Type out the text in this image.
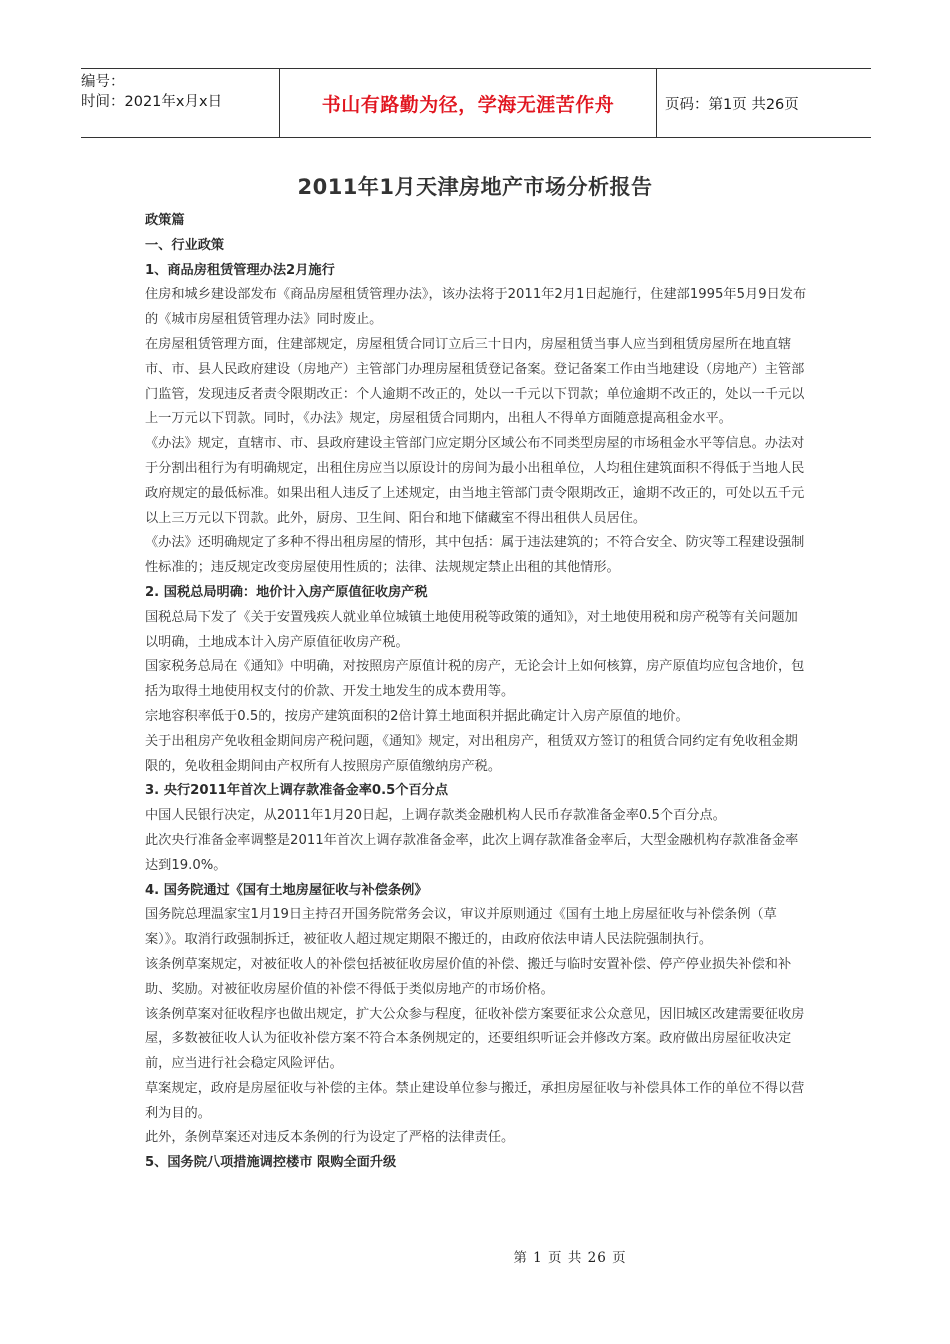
编号：
时间：2021年x月x日	书山有路勤为径，学海无涯苦作舟	页码：第1页 共26页
2011年1月天津房地产市场分析报告
政策篇
一、行业政策
1、商品房租赁管理办法2月施行
住房和城乡建设部发布《商品房屋租赁管理办法》，该办法将于2011年2月1日起施行，住建部1995年5月9日发布的《城市房屋租赁管理办法》同时废止。
在房屋租赁管理方面，住建部规定，房屋租赁合同订立后三十日内，房屋租赁当事人应当到租赁房屋所在地直辖市、市、县人民政府建设（房地产）主管部门办理房屋租赁登记备案。登记备案工作由当地建设（房地产）主管部门监管，发现违反者责令限期改正：个人逾期不改正的，处以一千元以下罚款；单位逾期不改正的，处以一千元以上一万元以下罚款。同时，《办法》规定，房屋租赁合同期内，出租人不得单方面随意提高租金水平。
《办法》规定，直辖市、市、县政府建设主管部门应定期分区域公布不同类型房屋的市场租金水平等信息。办法对于分割出租行为有明确规定，出租住房应当以原设计的房间为最小出租单位，人均租住建筑面积不得低于当地人民政府规定的最低标准。如果出租人违反了上述规定，由当地主管部门责令限期改正，逾期不改正的，可处以五千元以上三万元以下罚款。此外，厨房、卫生间、阳台和地下储藏室不得出租供人员居住。
《办法》还明确规定了多种不得出租房屋的情形，其中包括：属于违法建筑的；不符合安全、防灾等工程建设强制性标准的；违反规定改变房屋使用性质的；法律、法规规定禁止出租的其他情形。
2. 国税总局明确：地价计入房产原值征收房产税
国税总局下发了《关于安置残疾人就业单位城镇土地使用税等政策的通知》，对土地使用税和房产税等有关问题加以明确，土地成本计入房产原值征收房产税。
国家税务总局在《通知》中明确，对按照房产原值计税的房产，无论会计上如何核算，房产原值均应包含地价，包括为取得土地使用权支付的价款、开发土地发生的成本费用等。
宗地容积率低于0.5的，按房产建筑面积的2倍计算土地面积并据此确定计入房产原值的地价。
关于出租房产免收租金期间房产税问题，《通知》规定，对出租房产，租赁双方签订的租赁合同约定有免收租金期限的，免收租金期间由产权所有人按照房产原值缴纳房产税。
3. 央行2011年首次上调存款准备金率0.5个百分点
中国人民银行决定，从2011年1月20日起，上调存款类金融机构人民币存款准备金率0.5个百分点。
此次央行准备金率调整是2011年首次上调存款准备金率，此次上调存款准备金率后，大型金融机构存款准备金率达到19.0%。
4. 国务院通过《国有土地房屋征收与补偿条例》
国务院总理温家宝1月19日主持召开国务院常务会议，审议并原则通过《国有土地上房屋征收与补偿条例（草案）》。取消行政强制拆迁，被征收人超过规定期限不搬迁的，由政府依法申请人民法院强制执行。
该条例草案规定，对被征收人的补偿包括被征收房屋价值的补偿、搬迁与临时安置补偿、停产停业损失补偿和补助、奖励。对被征收房屋价值的补偿不得低于类似房地产的市场价格。
该条例草案对征收程序也做出规定，扩大公众参与程度，征收补偿方案要征求公众意见，因旧城区改建需要征收房屋，多数被征收人认为征收补偿方案不符合本条例规定的，还要组织听证会并修改方案。政府做出房屋征收决定前，应当进行社会稳定风险评估。
草案规定，政府是房屋征收与补偿的主体。禁止建设单位参与搬迁，承担房屋征收与补偿具体工作的单位不得以营利为目的。
此外，条例草案还对违反本条例的行为设定了严格的法律责任。
5、国务院八项措施调控楼市 限购全面升级
第 1 页 共 26 页
